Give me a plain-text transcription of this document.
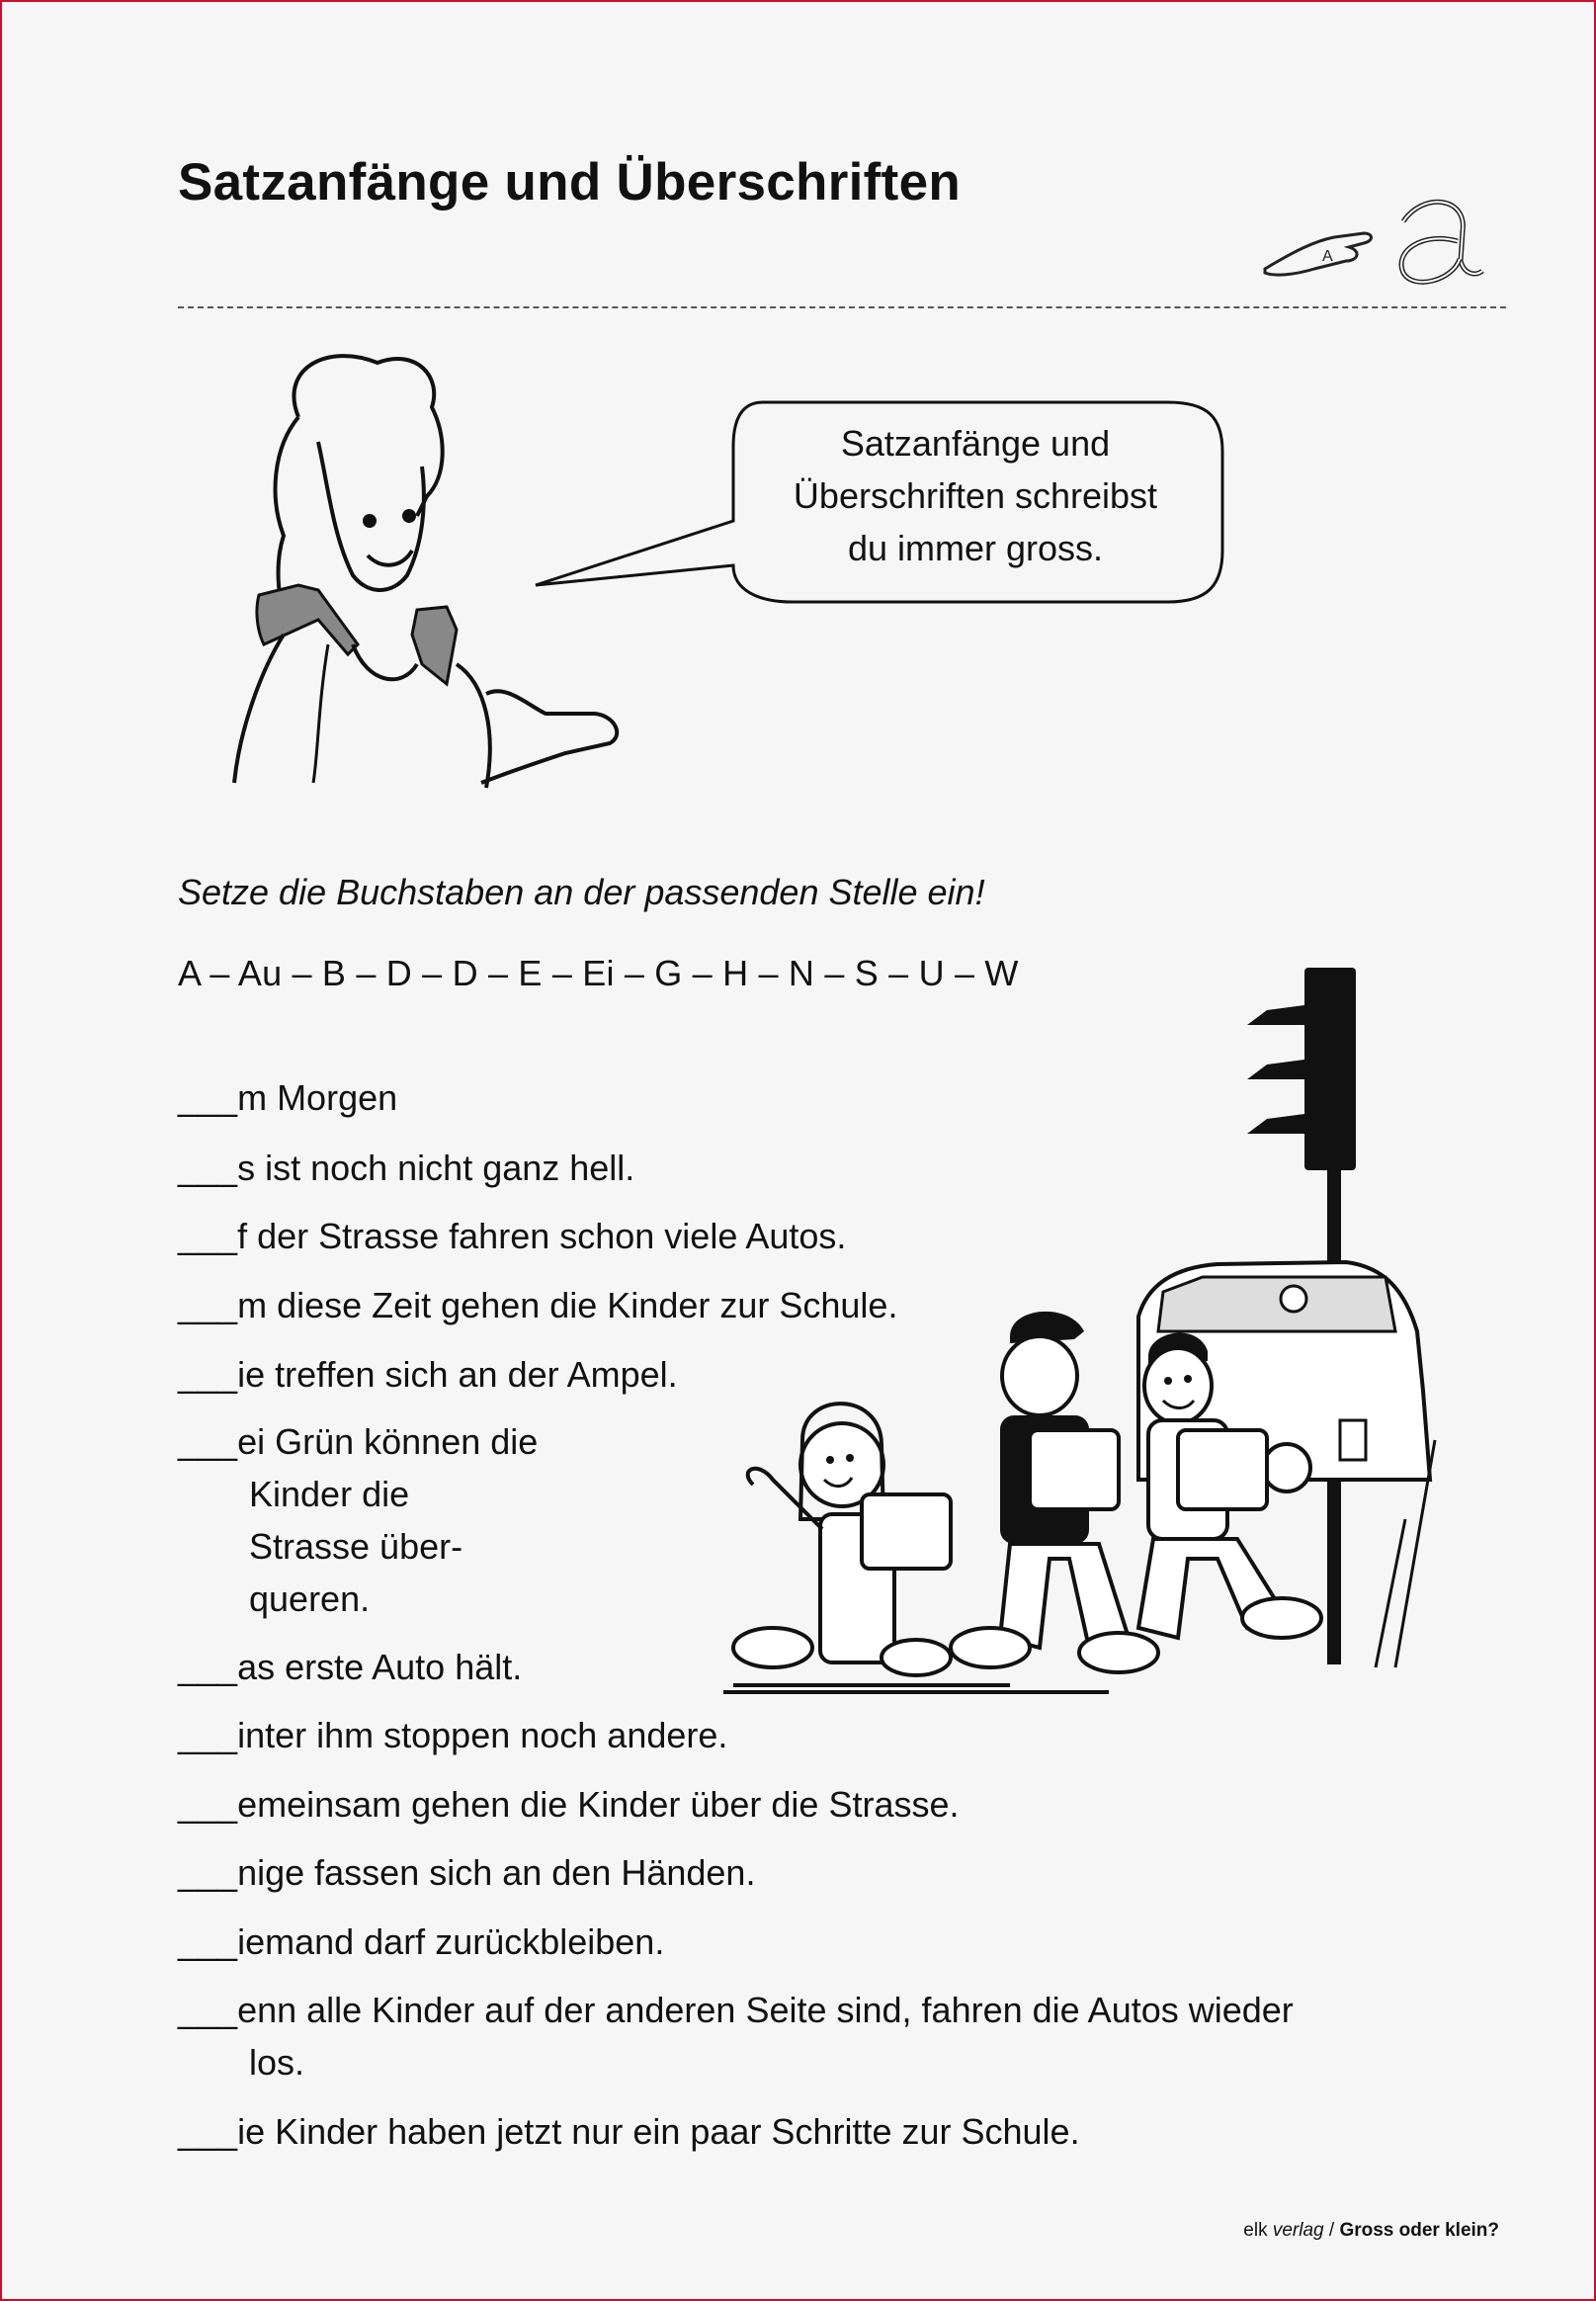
Satzanfänge und Überschriften
A
Satzanfänge und
Überschriften schreibst
du immer gross.
Setze die Buchstaben an der passenden Stelle ein!
A – Au – B – D – D – E – Ei – G – H – N – S – U – W
___m Morgen
___s ist noch nicht ganz hell.
___f der Strasse fahren schon viele Autos.
___m diese Zeit gehen die Kinder zur Schule.
___ie treffen sich an der Ampel.
___ei Grün können die
Kinder die
Strasse über-
queren.
___as erste Auto hält.
___inter ihm stoppen noch andere.
___emeinsam gehen die Kinder über die Strasse.
___nige fassen sich an den Händen.
___iemand darf zurückbleiben.
___enn alle Kinder auf der anderen Seite sind, fahren die Autos wieder
los.
___ie Kinder haben jetzt nur ein paar Schritte zur Schule.
elk verlag / Gross oder klein?
